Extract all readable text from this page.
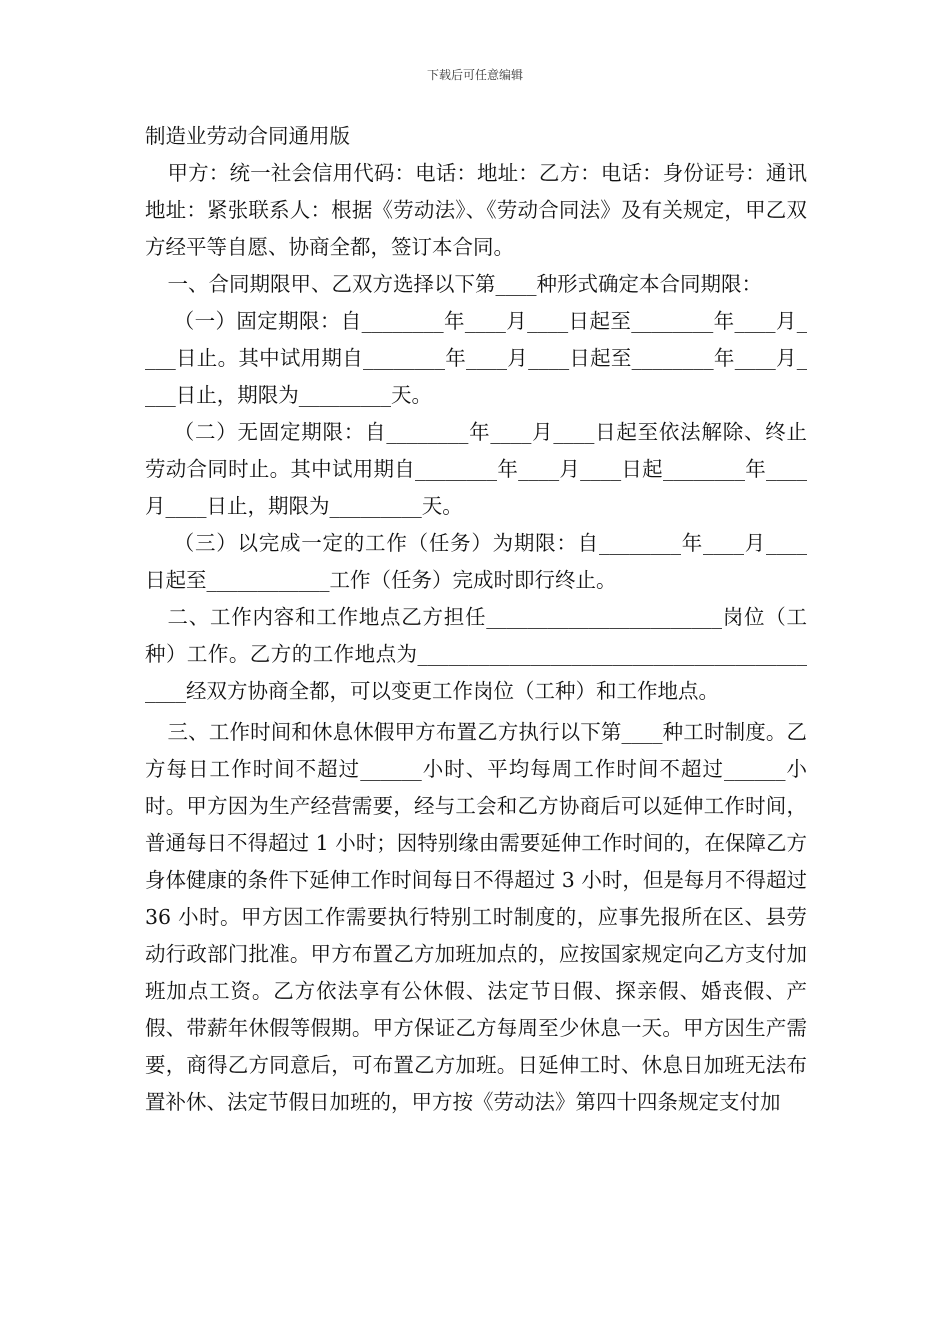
下载后可任意编辑

制造业劳动合同通用版

甲方：统一社会信用代码：电话：地址：乙方：电话：身份证号：通讯地址：紧张联系人：根据《劳动法》、《劳动合同法》及有关规定，甲乙双方经平等自愿、协商全都，签订本合同。

一、合同期限甲、乙双方选择以下第____种形式确定本合同期限：

（一）固定期限：自________年____月____日起至________年____月____日止。其中试用期自________年____月____日起至________年____月____日止，期限为_________天。

（二）无固定期限：自________年____月____日起至依法解除、终止劳动合同时止。其中试用期自________年____月____日起________年____月____日止，期限为_________天。

（三）以完成一定的工作（任务）为期限：自________年____月____日起至____________工作（任务）完成时即行终止。

二、工作内容和工作地点乙方担任_______________________岗位（工种）工作。乙方的工作地点为__________________________________________经双方协商全都，可以变更工作岗位（工种）和工作地点。

三、工作时间和休息休假甲方布置乙方执行以下第____种工时制度。乙方每日工作时间不超过______小时、平均每周工作时间不超过______小时。甲方因为生产经营需要，经与工会和乙方协商后可以延伸工作时间，普通每日不得超过 1 小时；因特别缘由需要延伸工作时间的，在保障乙方身体健康的条件下延伸工作时间每日不得超过 3 小时，但是每月不得超过 36 小时。甲方因工作需要执行特别工时制度的，应事先报所在区、县劳动行政部门批准。甲方布置乙方加班加点的，应按国家规定向乙方支付加班加点工资。乙方依法享有公休假、法定节日假、探亲假、婚丧假、产假、带薪年休假等假期。甲方保证乙方每周至少休息一天。甲方因生产需要，商得乙方同意后，可布置乙方加班。日延伸工时、休息日加班无法布置补休、法定节假日加班的，甲方按《劳动法》第四十四条规定支付加
